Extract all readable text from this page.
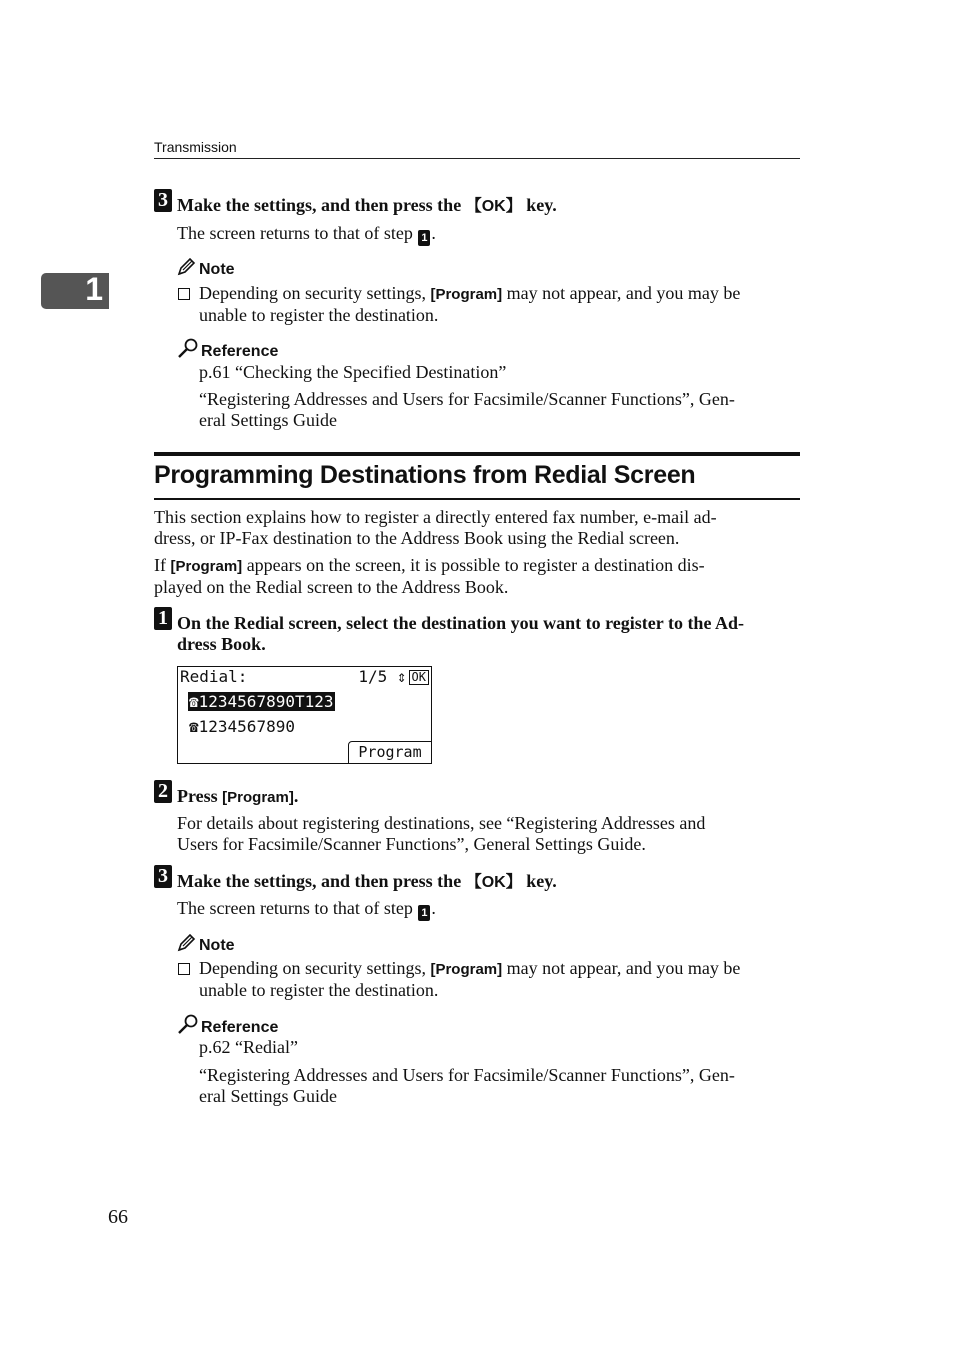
Transmission
1
3 Make the settings, and then press the 【OK】 key.
The screen returns to that of step 1 .
Note
Depending on security settings, [Program] may not appear, and you may be
unable to register the destination.
Reference
p.61 “Checking the Specified Destination”
“Registering Addresses and Users for Facsimile/Scanner Functions”, Gen-
eral Settings Guide
Programming Destinations from Redial Screen
This section explains how to register a directly entered fax number, e-mail ad-
dress, or IP-Fax destination to the Address Book using the Redial screen.
If [Program] appears on the screen, it is possible to register a destination dis-
played on the Redial screen to the Address Book.
1 On the Redial screen, select the destination you want to register to the Ad-
dress Book.
Redial:	1/5 ⇕ OK
☎1234567890T123
☎1234567890
Program
2 Press [Program].
For details about registering destinations, see “Registering Addresses and
Users for Facsimile/Scanner Functions”, General Settings Guide.
3 Make the settings, and then press the 【OK】 key.
The screen returns to that of step 1 .
Note
Depending on security settings, [Program] may not appear, and you may be
unable to register the destination.
Reference
p.62 “Redial”
“Registering Addresses and Users for Facsimile/Scanner Functions”, Gen-
eral Settings Guide
66
